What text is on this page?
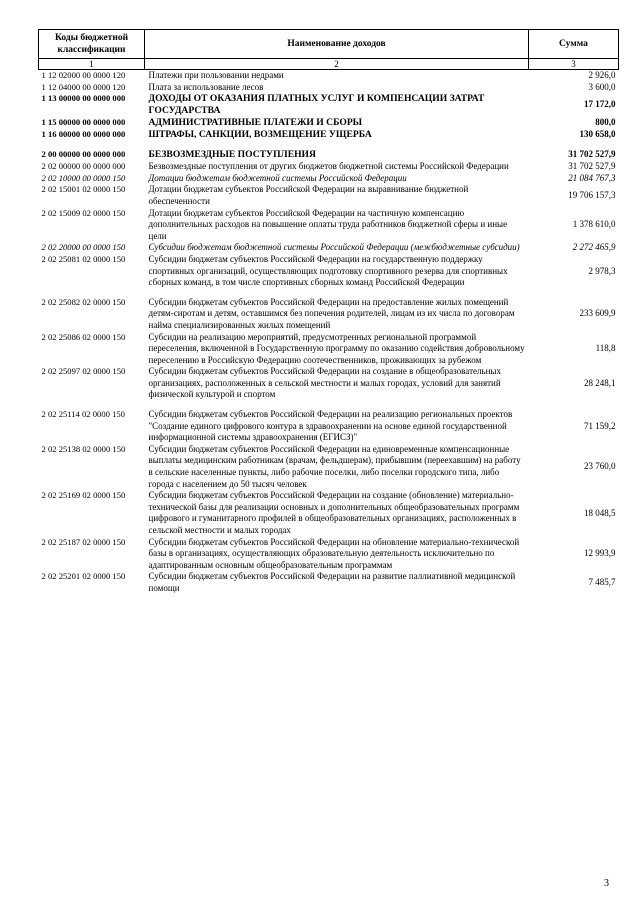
Коды бюджетной классификации	Наименование доходов	Сумма
1	2	3
1 12 02000 00 0000 120	Платежи при пользовании недрами	2 926,0
1 12 04000 00 0000 120	Плата за использование лесов	3 600,0
1 13 00000 00 0000 000	ДОХОДЫ ОТ ОКАЗАНИЯ ПЛАТНЫХ УСЛУГ И КОМПЕНСАЦИИ ЗАТРАТ ГОСУДАРСТВА	17 172,0
1 15 00000 00 0000 000	АДМИНИСТРАТИВНЫЕ ПЛАТЕЖИ И СБОРЫ	800,0
1 16 00000 00 0000 000	ШТРАФЫ, САНКЦИИ, ВОЗМЕЩЕНИЕ УЩЕРБА	130 658,0

2 00 00000 00 0000 000	БЕЗВОЗМЕЗДНЫЕ ПОСТУПЛЕНИЯ	31 702 527,9
2 02 00000 00 0000 000	Безвозмездные поступления от других бюджетов бюджетной системы Российской Федерации	31 702 527,9
2 02 10000 00 0000 150	Дотации бюджетам бюджетной системы Российской Федерации	21 084 767,3
2 02 15001 02 0000 150	Дотации бюджетам субъектов Российской Федерации на выравнивание бюджетной обеспеченности	19 706 157,3
2 02 15009 02 0000 150	Дотации бюджетам субъектов Российской Федерации на частичную компенсацию дополнительных расходов на повышение оплаты труда работников бюджетной сферы и иные цели	1 378 610,0
2 02 20000 00 0000 150	Субсидии бюджетам бюджетной системы Российской Федерации (межбюджетные субсидии)	2 272 465,9
2 02 25081 02 0000 150	Субсидии бюджетам субъектов Российской Федерации на государственную поддержку спортивных организаций, осуществляющих подготовку спортивного резерва для спортивных сборных команд, в том числе спортивных сборных команд Российской Федерации	2 978,3

2 02 25082 02 0000 150	Субсидии бюджетам субъектов Российской Федерации на предоставление жилых помещений детям-сиротам и детям, оставшимся без попечения родителей, лицам из их числа по договорам найма специализированных жилых помещений	233 609,9
2 02 25086 02 0000 150	Субсидии на реализацию мероприятий, предусмотренных региональной программой переселения, включенной в Государственную программу по оказанию содействия добровольному переселению в Российскую Федерацию соотечественников, проживающих за рубежом	118,8
2 02 25097 02 0000 150	Субсидии бюджетам субъектов Российской Федерации на создание в общеобразовательных организациях, расположенных в сельской местности и малых городах, условий для занятий физической культурой и спортом	28 248,1

2 02 25114 02 0000 150	Субсидии бюджетам субъектов Российской Федерации на реализацию региональных проектов "Создание единого цифрового контура в здравоохранении на основе единой государственной информационной системы здравоохранения (ЕГИСЗ)"	71 159,2
2 02 25138 02 0000 150	Субсидии бюджетам субъектов Российской Федерации на единовременные компенсационные выплаты медицинским работникам (врачам, фельдшерам), прибывшим (переехавшим) на работу в сельские населенные пункты, либо рабочие поселки, либо поселки городского типа, либо города с населением до 50 тысяч человек	23 760,0
2 02 25169 02 0000 150	Субсидии бюджетам субъектов Российской Федерации на создание (обновление) материально-технической базы для реализации основных и дополнительных общеобразовательных программ цифрового и гуманитарного профилей в общеобразовательных организациях, расположенных в сельской местности и малых городах	18 048,5
2 02 25187 02 0000 150	Субсидии бюджетам субъектов Российской Федерации на обновление материально-технической базы в организациях, осуществляющих образовательную деятельность исключительно по адаптированным основным общеобразовательным программам	12 993,9
2 02 25201 02 0000 150	Субсидии бюджетам субъектов Российской Федерации на развитие паллиативной медицинской помощи	7 485,7
3
